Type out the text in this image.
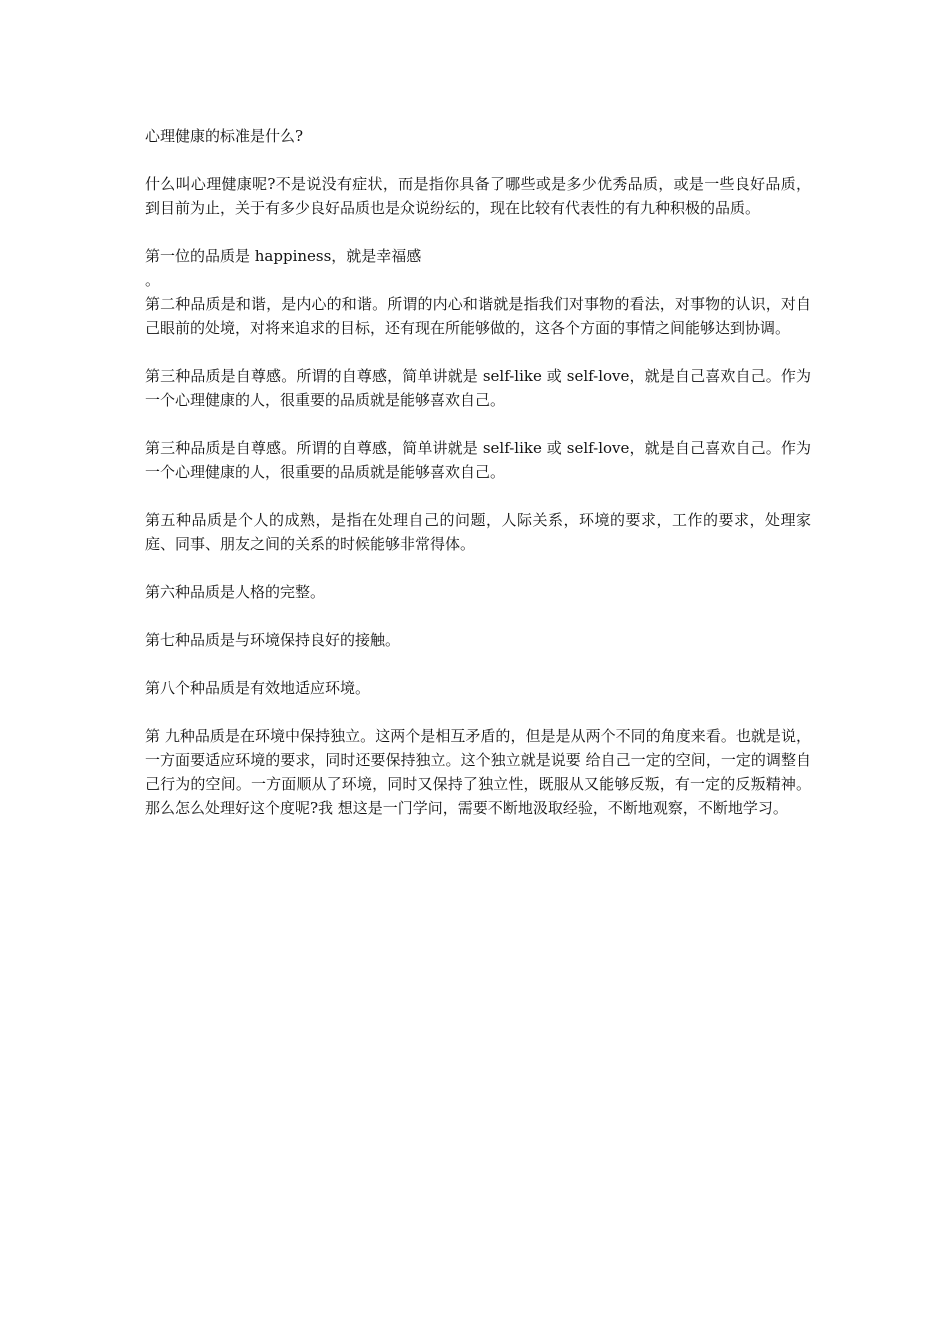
心理健康的标准是什么?

什么叫心理健康呢?不是说没有症状，而是指你具备了哪些或是多少优秀品质，或是一些良好品质，到目前为止，关于有多少良好品质也是众说纷纭的，现在比较有代表性的有九种积极的品质。

第一位的品质是 happiness，就是幸福感

。

第二种品质是和谐，是内心的和谐。所谓的内心和谐就是指我们对事物的看法，对事物的认识，对自己眼前的处境，对将来追求的目标，还有现在所能够做的，这各个方面的事情之间能够达到协调。

第三种品质是自尊感。所谓的自尊感，简单讲就是 self-like 或 self-love，就是自己喜欢自己。作为一个心理健康的人，很重要的品质就是能够喜欢自己。

第三种品质是自尊感。所谓的自尊感，简单讲就是 self-like 或 self-love，就是自己喜欢自己。作为一个心理健康的人，很重要的品质就是能够喜欢自己。

第五种品质是个人的成熟，是指在处理自己的问题，人际关系，环境的要求，工作的要求，处理家庭、同事、朋友之间的关系的时候能够非常得体。

第六种品质是人格的完整。

第七种品质是与环境保持良好的接触。

第八个种品质是有效地适应环境。

第 九种品质是在环境中保持独立。这两个是相互矛盾的，但是是从两个不同的角度来看。也就是说，一方面要适应环境的要求，同时还要保持独立。这个独立就是说要 给自己一定的空间，一定的调整自己行为的空间。一方面顺从了环境，同时又保持了独立性，既服从又能够反叛，有一定的反叛精神。那么怎么处理好这个度呢?我 想这是一门学问，需要不断地汲取经验，不断地观察，不断地学习。
